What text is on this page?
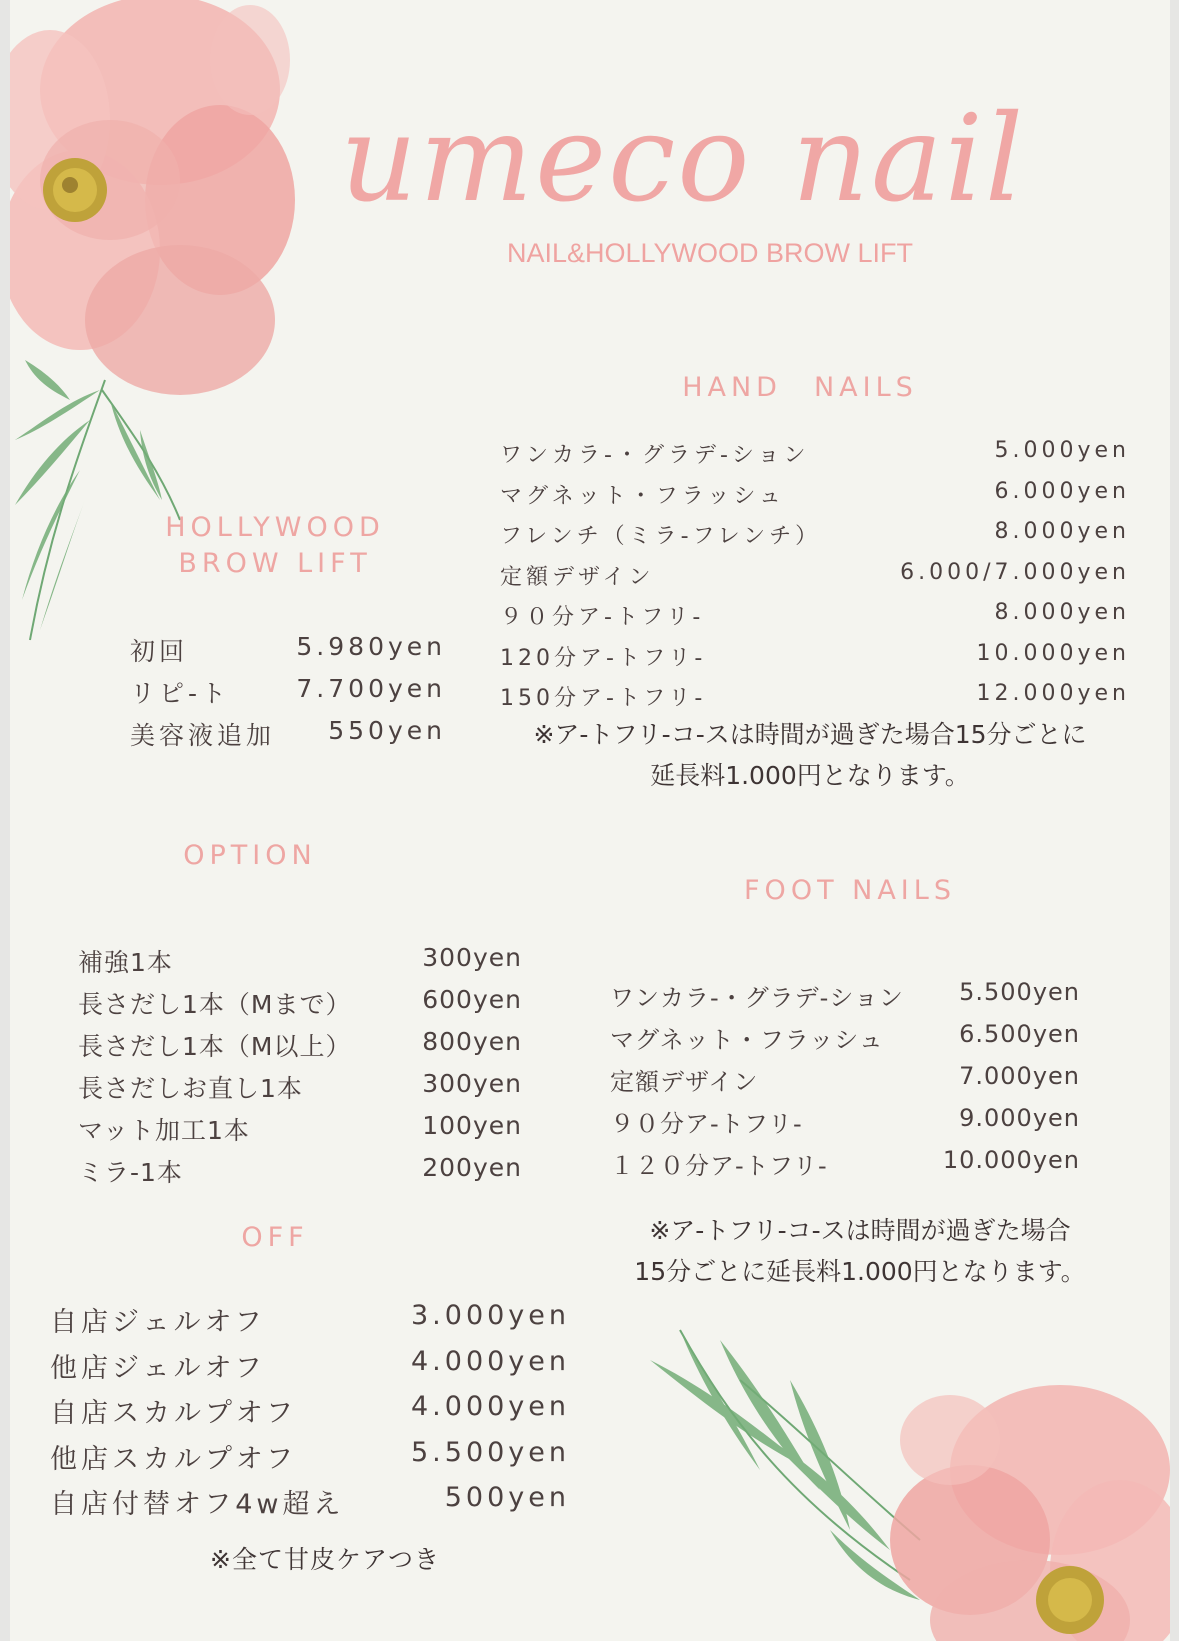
umeco nail
NAIL&HOLLYWOOD BROW LIFT
HAND　NAILS
ワンカラ-・グラデ-ション	5.000yen
マグネット・フラッシュ	6.000yen
フレンチ（ミラ-フレンチ）	8.000yen
定額デザイン	6.000/7.000yen
９０分ア-トフリ-	8.000yen
120分ア-トフリ-	10.000yen
150分ア-トフリ-	12.000yen
※ア-トフリ-コ-スは時間が過ぎた場合15分ごとに
延長料1.000円となります。
HOLLYWOOD
BROW LIFT
初回	5.980yen
リピ-ト	7.700yen
美容液追加 550yen
OPTION
補強1本	300yen
長さだし1本（Mまで）	600yen
長さだし1本（M以上）	800yen
長さだしお直し1本	300yen
マット加工1本	100yen
ミラ-1本	200yen
FOOT NAILS
ワンカラ-・グラデ-ション 5.500yen
マグネット・フラッシュ	6.500yen
定額デザイン	7.000yen
９０分ア-トフリ-	9.000yen
１２０分ア-トフリ-	10.000yen
※ア-トフリ-コ-スは時間が過ぎた場合
15分ごとに延長料1.000円となります。
OFF
自店ジェルオフ	3.000yen
他店ジェルオフ	4.000yen
自店スカルプオフ	4.000yen
他店スカルプオフ	5.500yen
自店付替オフ4w超え	500yen
※全て甘皮ケアつき
